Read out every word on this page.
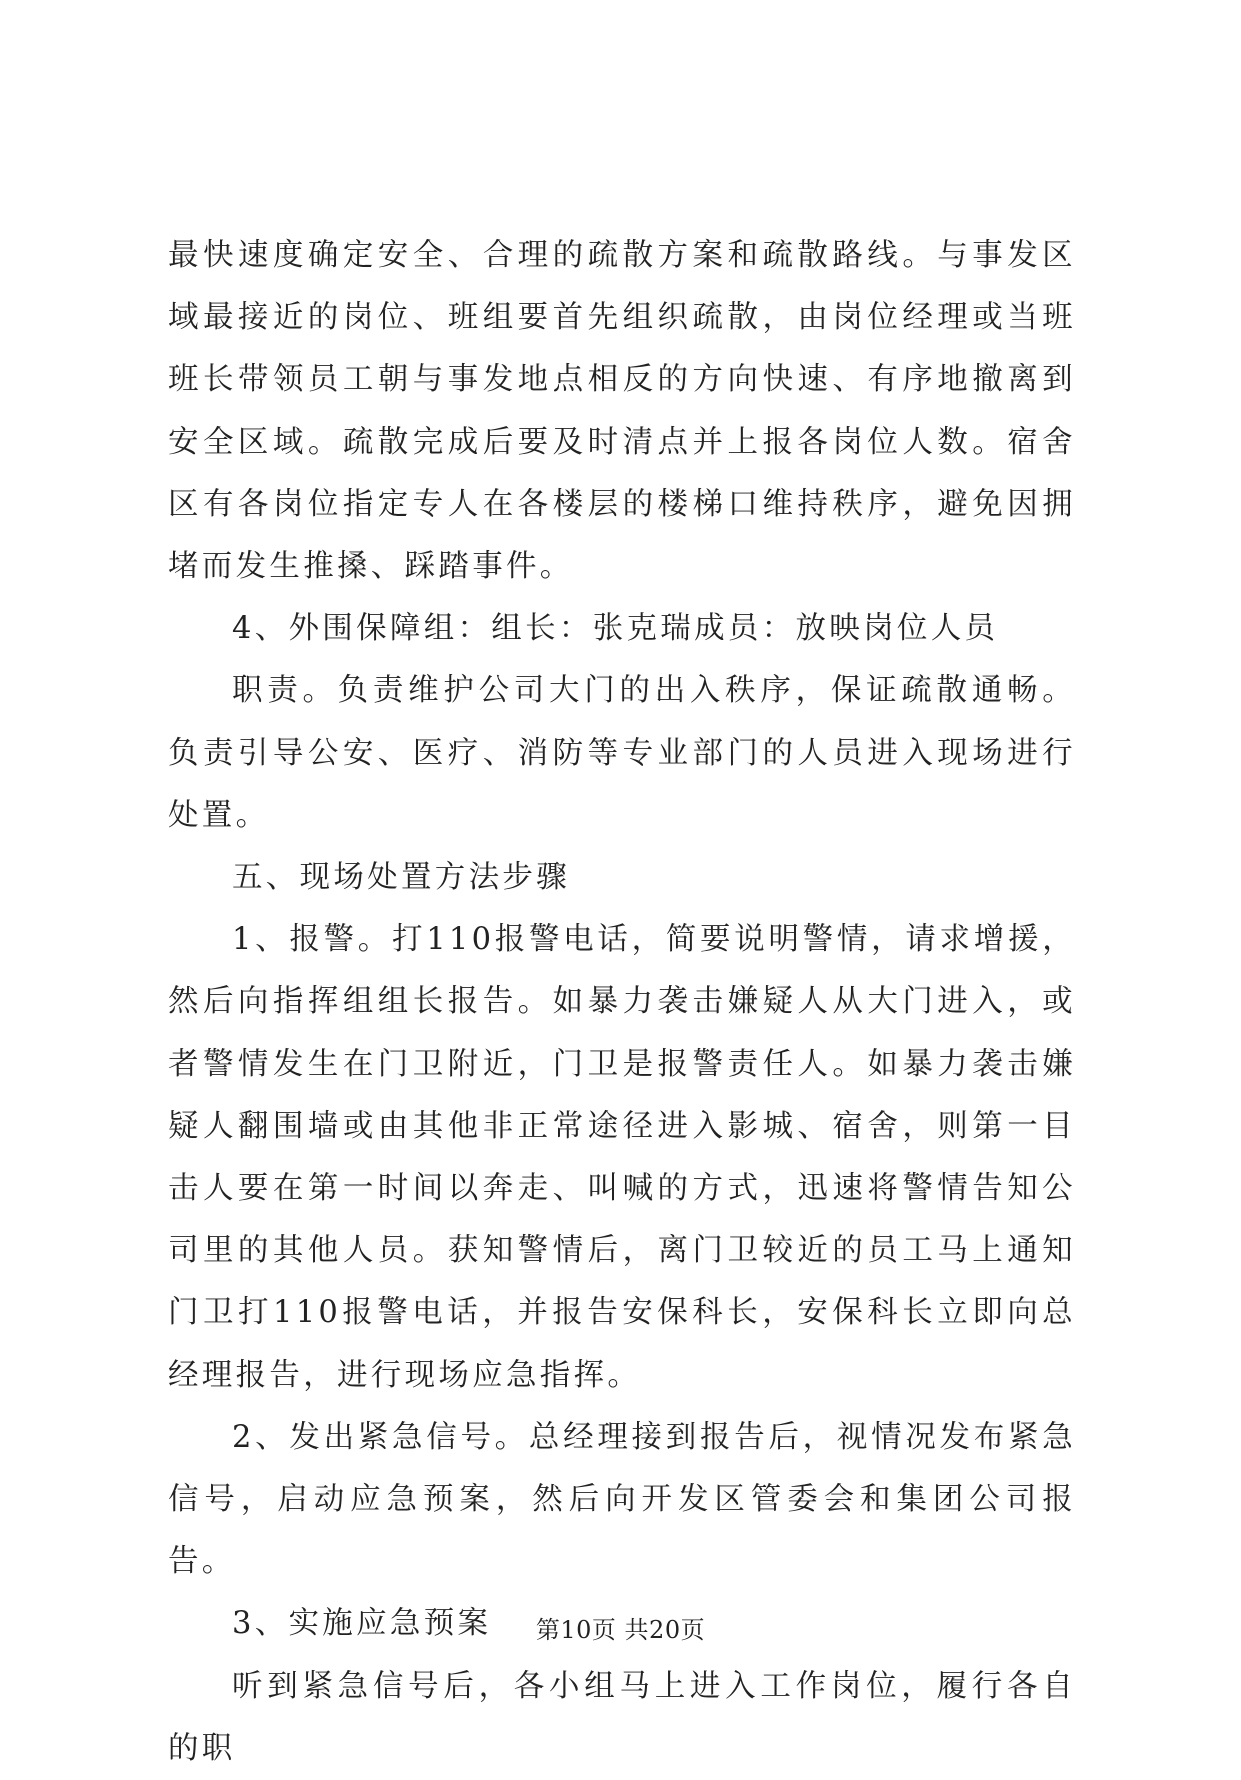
最快速度确定安全、合理的疏散方案和疏散路线。与事发区域最接近的岗位、班组要首先组织疏散，由岗位经理或当班班长带领员工朝与事发地点相反的方向快速、有序地撤离到安全区域。疏散完成后要及时清点并上报各岗位人数。宿舍区有各岗位指定专人在各楼层的楼梯口维持秩序，避免因拥堵而发生推搡、踩踏事件。

4、外围保障组：组长：张克瑞成员：放映岗位人员

职责。负责维护公司大门的出入秩序，保证疏散通畅。负责引导公安、医疗、消防等专业部门的人员进入现场进行处置。

五、现场处置方法步骤

1、报警。打110报警电话，简要说明警情，请求增援，然后向指挥组组长报告。如暴力袭击嫌疑人从大门进入，或者警情发生在门卫附近，门卫是报警责任人。如暴力袭击嫌疑人翻围墙或由其他非正常途径进入影城、宿舍，则第一目击人要在第一时间以奔走、叫喊的方式，迅速将警情告知公司里的其他人员。获知警情后，离门卫较近的员工马上通知门卫打110报警电话，并报告安保科长，安保科长立即向总经理报告，进行现场应急指挥。

2、发出紧急信号。总经理接到报告后，视情况发布紧急信号，启动应急预案，然后向开发区管委会和集团公司报告。

3、实施应急预案

听到紧急信号后，各小组马上进入工作岗位，履行各自的职

第10页 共20页
